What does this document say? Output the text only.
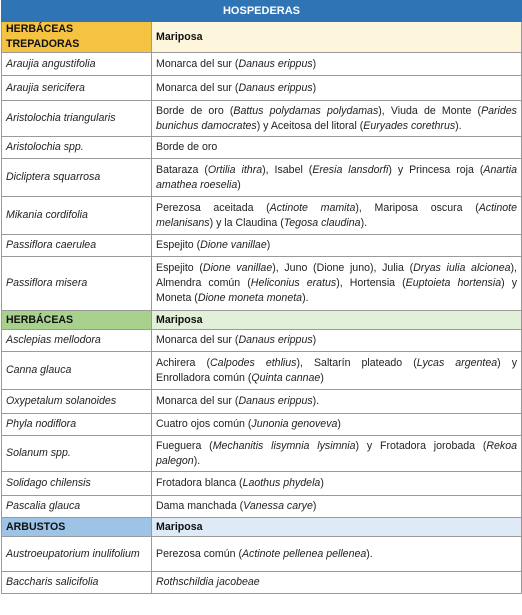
HOSPEDERAS	
HERBÁCEAS TREPADORAS	Mariposa
Araujia angustifolia	Monarca del sur (Danaus erippus)
Araujia sericifera	Monarca del sur (Danaus erippus)
Aristolochia triangularis	Borde de oro (Battus polydamas polydamas), Viuda de Monte (Parides bunichus damocrates) y Aceitosa del litoral (Euryades corethrus).
Aristolochia spp.	Borde de oro
Dicliptera squarrosa	Bataraza (Ortilia ithra), Isabel (Eresia lansdorfi) y Princesa roja (Anartia amathea roeselia)
Mikania cordifolia	Perezosa aceitada (Actinote mamita), Mariposa oscura (Actinote melanisans) y la Claudina (Tegosa claudina).
Passiflora caerulea	Espejito (Dione vanillae)
Passiflora misera	Espejito (Dione vanillae), Juno (Dione juno), Julia (Dryas iulia alcionea), Almendra común (Heliconius eratus), Hortensia (Euptoieta hortensia) y Moneta (Dione moneta moneta).
HERBÁCEAS	Mariposa
Asclepias mellodora	Monarca del sur (Danaus erippus)
Canna glauca	Achirera (Calpodes ethlius), Saltarín plateado (Lycas argentea) y Enrolladora común (Quinta cannae)
Oxypetalum solanoides	Monarca del sur (Danaus erippus).
Phyla nodiflora	Cuatro ojos común (Junonia genoveva)
Solanum spp.	Fueguera (Mechanitis lisymnia lysimnia) y Frotadora jorobada (Rekoa palegon).
Solidago chilensis	Frotadora blanca (Laothus phydela)
Pascalia glauca	Dama manchada (Vanessa carye)
ARBUSTOS	Mariposa
Austroeupatorium inulifolium	Perezosa común (Actinote pellenea pellenea).
Baccharis salicifolia	Rothschildia jacobeae
